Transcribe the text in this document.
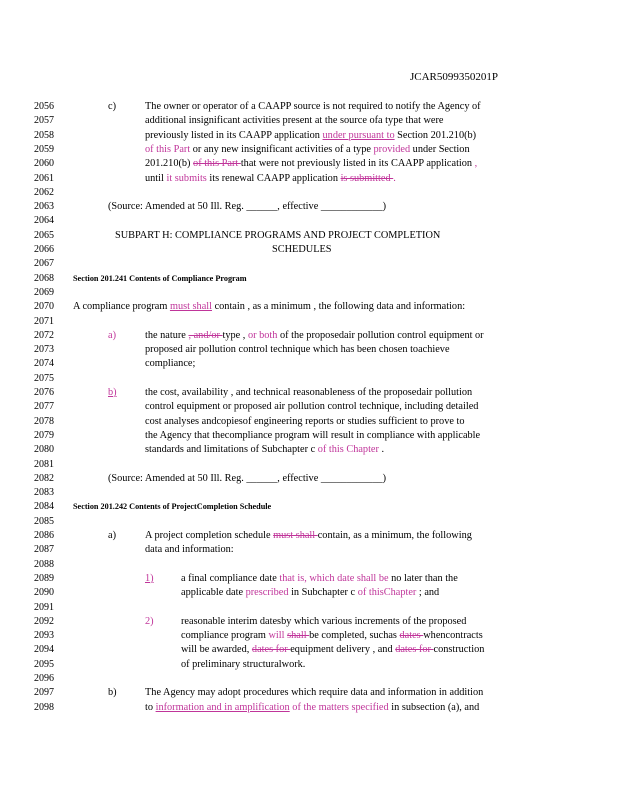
JCAR5099350201P
2056	c)	The owner or operator of a CAAPP source is not required to notify the Agency of
2057	additional insignificant activities present at the source ofa type that were
2058	previously listed in its CAAPP application under pursuant to Section 201.210(b)
2059	of this Part or any new insignificant activities of a type provided under Section
2060	201.210(b) of this Part that were not previously listed in its CAAPP application ,
2061	until it submits its renewal CAAPP application is submitted .
2062
2063	(Source: Amended at 50 Ill. Reg. ______, effective ____________)
2064
2065	SUBPART H: COMPLIANCE PROGRAMS AND PROJECT COMPLETION
2066	SCHEDULES
2067
2068 Section 201.241 Contents of Compliance Program
2069
2070 A compliance program must shall contain , as a minimum , the following data and information:
2071
2072	a)	the nature , and/or type , or both of the proposedair pollution control equipment or
2073	proposed air pollution control technique which has been chosen toachieve
2074	compliance;
2075
2076	b)	the cost, availability , and technical reasonableness of the proposedair pollution
2077	control equipment or proposed air pollution control technique, including detailed
2078	cost analyses andcopiesof engineering reports or studies sufficient to prove to
2079	the Agency that thecompliance program will result in compliance with applicable
2080	standards and limitations of Subchapter c of this Chapter .
2081
2082	(Source: Amended at 50 Ill. Reg. ______, effective ____________)
2083
2084 Section 201.242 Contents of ProjectCompletion Schedule
2085
2086	a)	A project completion schedule must shall contain, as a minimum, the following
2087	data and information:
2088
2089	1)	a final compliance date that is, which date shall be no later than the
2090	applicable date prescribed in Subchapter c of thisChapter ; and
2091
2092	2)	reasonable interim datesby which various increments of the proposed
2093	compliance program will shall be completed, suchas dates whencontracts
2094	will be awarded, dates for equipment delivery , and dates for construction
2095	of preliminary structuralwork.
2096
2097	b)	The Agency may adopt procedures which require data and information in addition
2098	to information and in amplification of the matters specified in subsection (a), and
